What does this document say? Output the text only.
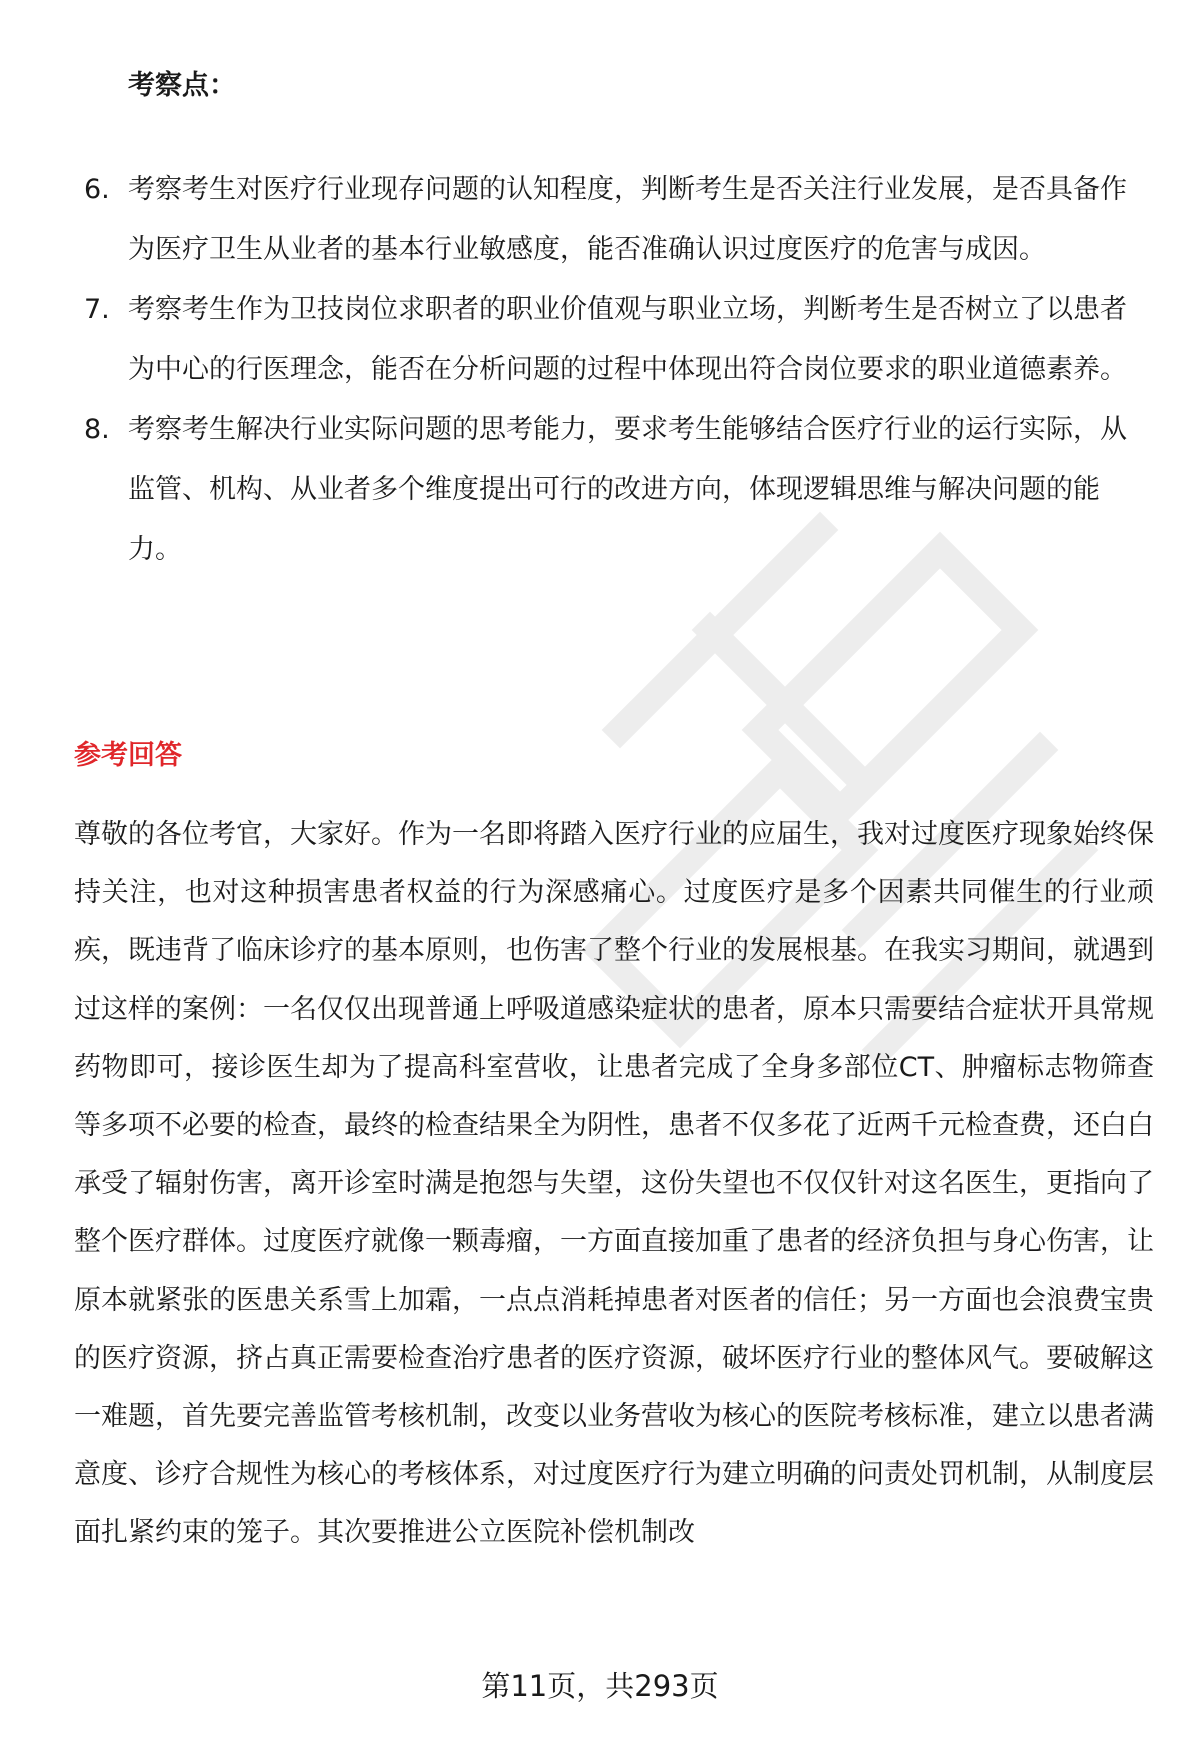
考察点：
6. 考察考生对医疗行业现存问题的认知程度，判断考生是否关注行业发展，是否具备作为医疗卫生从业者的基本行业敏感度，能否准确认识过度医疗的危害与成因。
7. 考察考生作为卫技岗位求职者的职业价值观与职业立场，判断考生是否树立了以患者为中心的行医理念，能否在分析问题的过程中体现出符合岗位要求的职业道德素养。
8. 考察考生解决行业实际问题的思考能力，要求考生能够结合医疗行业的运行实际，从监管、机构、从业者多个维度提出可行的改进方向，体现逻辑思维与解决问题的能力。
参考回答

尊敬的各位考官，大家好。作为一名即将踏入医疗行业的应届生，我对过度医疗现象始终保持关注，也对这种损害患者权益的行为深感痛心。过度医疗是多个因素共同催生的行业顽疾，既违背了临床诊疗的基本原则，也伤害了整个行业的发展根基。在我实习期间，就遇到过这样的案例：一名仅仅出现普通上呼吸道感染症状的患者，原本只需要结合症状开具常规药物即可，接诊医生却为了提高科室营收，让患者完成了全身多部位CT、肿瘤标志物筛查等多项不必要的检查，最终的检查结果全为阴性，患者不仅多花了近两千元检查费，还白白承受了辐射伤害，离开诊室时满是抱怨与失望，这份失望也不仅仅针对这名医生，更指向了整个医疗群体。过度医疗就像一颗毒瘤，一方面直接加重了患者的经济负担与身心伤害，让原本就紧张的医患关系雪上加霜，一点点消耗掉患者对医者的信任；另一方面也会浪费宝贵的医疗资源，挤占真正需要检查治疗患者的医疗资源，破坏医疗行业的整体风气。要破解这一难题，首先要完善监管考核机制，改变以业务营收为核心的医院考核标准，建立以患者满意度、诊疗合规性为核心的考核体系，对过度医疗行为建立明确的问责处罚机制，从制度层面扎紧约束的笼子。其次要推进公立医院补偿机制改

第11页，共293页
